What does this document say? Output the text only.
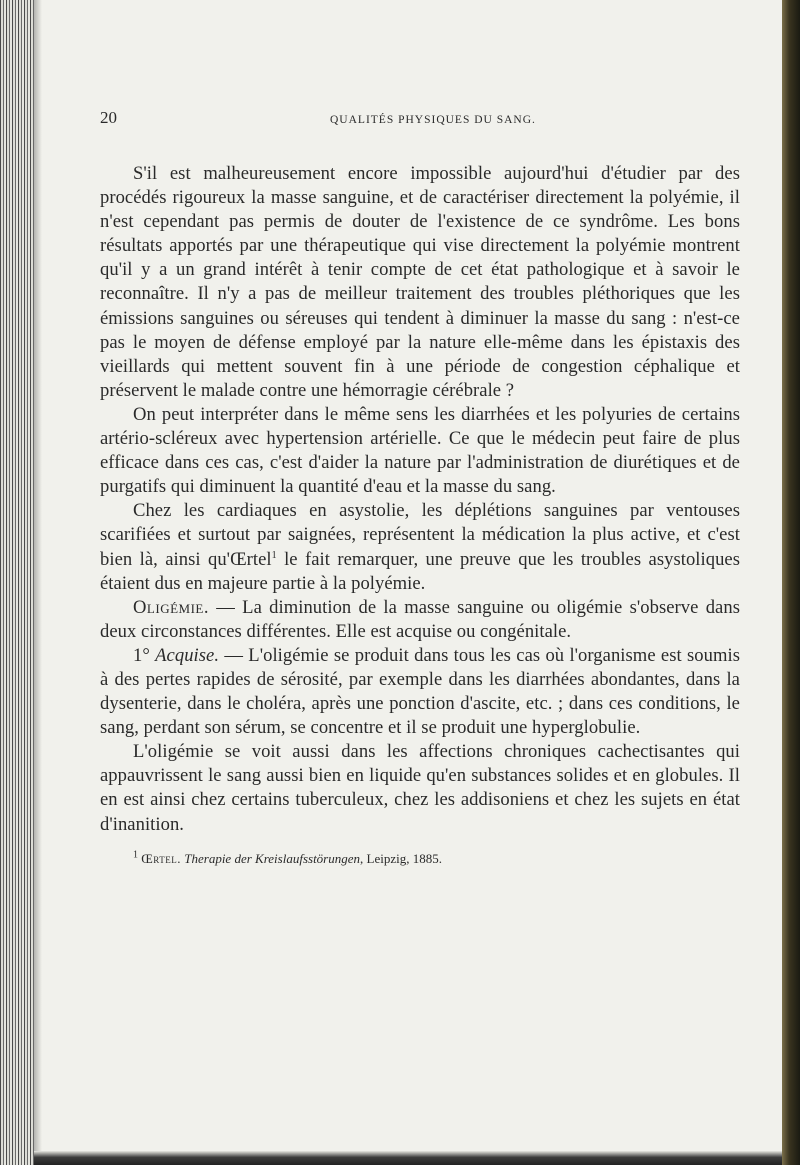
20	QUALITÉS PHYSIQUES DU SANG.

S'il est malheureusement encore impossible aujourd'hui d'étudier par des procédés rigoureux la masse sanguine, et de caractériser directement la polyémie, il n'est cependant pas permis de douter de l'existence de ce syndrôme. Les bons résultats apportés par une thérapeutique qui vise directement la polyémie montrent qu'il y a un grand intérêt à tenir compte de cet état pathologique et à savoir le reconnaître. Il n'y a pas de meilleur traitement des troubles pléthoriques que les émissions sanguines ou séreuses qui tendent à diminuer la masse du sang : n'est-ce pas le moyen de défense employé par la nature elle-même dans les épistaxis des vieillards qui mettent souvent fin à une période de congestion céphalique et préservent le malade contre une hémorragie cérébrale ?

On peut interpréter dans le même sens les diarrhées et les polyuries de certains artério-scléreux avec hypertension artérielle. Ce que le médecin peut faire de plus efficace dans ces cas, c'est d'aider la nature par l'administration de diurétiques et de purgatifs qui diminuent la quantité d'eau et la masse du sang.

Chez les cardiaques en asystolie, les déplétions sanguines par ventouses scarifiées et surtout par saignées, représentent la médication la plus active, et c'est bien là, ainsi qu'Œrtel$^1$ le fait remarquer, une preuve que les troubles asystoliques étaient dus en majeure partie à la polyémie.

Oligémie. — La diminution de la masse sanguine ou oligémie s'observe dans deux circonstances différentes. Elle est acquise ou congénitale.

1° Acquise. — L'oligémie se produit dans tous les cas où l'organisme est soumis à des pertes rapides de sérosité, par exemple dans les diarrhées abondantes, dans la dysenterie, dans le choléra, après une ponction d'ascite, etc. ; dans ces conditions, le sang, perdant son sérum, se concentre et il se produit une hyperglobulie.

L'oligémie se voit aussi dans les affections chroniques cachectisantes qui appauvrissent le sang aussi bien en liquide qu'en substances solides et en globules. Il en est ainsi chez certains tuberculeux, chez les addisoniens et chez les sujets en état d'inanition.

$^1$ Œrtel. Therapie der Kreislaufsstörungen, Leipzig, 1885.
